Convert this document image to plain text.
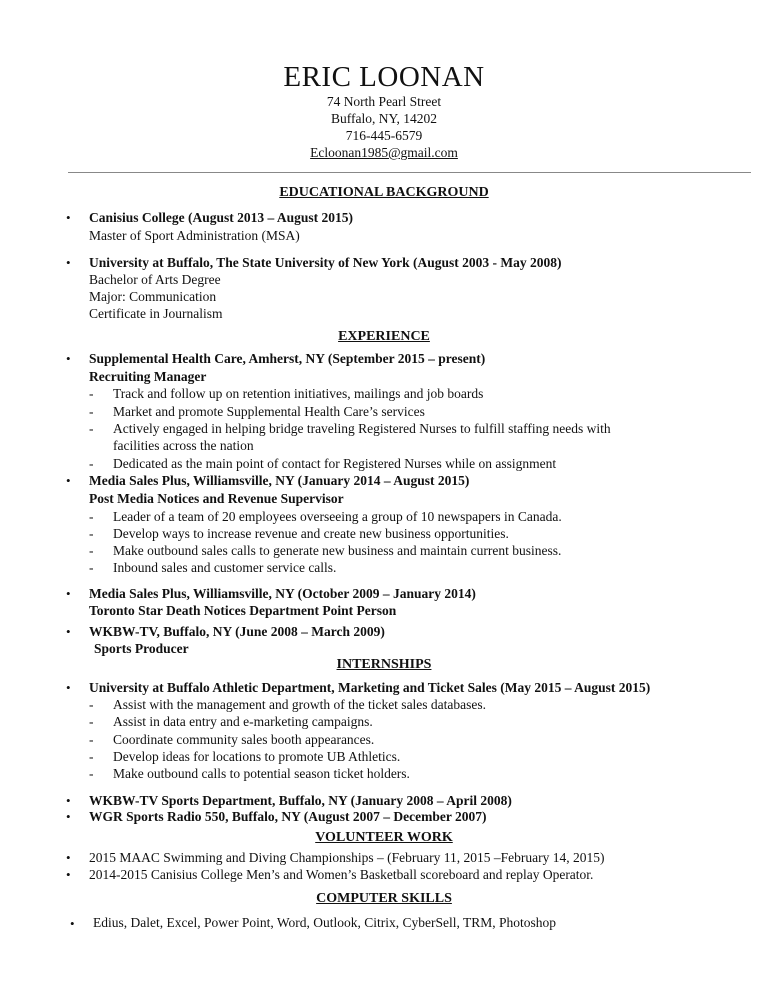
ERIC LOONAN
74 North Pearl Street
Buffalo, NY, 14202
716-445-6579
Ecloonan1985@gmail.com
EDUCATIONAL BACKGROUND
• Canisius College (August 2013 – August 2015)
Master of Sport Administration (MSA)
• University at Buffalo, The State University of New York (August 2003 - May 2008)
Bachelor of Arts Degree
Major: Communication
Certificate in Journalism
EXPERIENCE
• Supplemental Health Care, Amherst, NY (September 2015 – present)
Recruiting Manager
- Track and follow up on retention initiatives, mailings and job boards
- Market and promote Supplemental Health Care’s services
- Actively engaged in helping bridge traveling Registered Nurses to fulfill staffing needs with
facilities across the nation
- Dedicated as the main point of contact for Registered Nurses while on assignment
• Media Sales Plus, Williamsville, NY (January 2014 – August 2015)
Post Media Notices and Revenue Supervisor
- Leader of a team of 20 employees overseeing a group of 10 newspapers in Canada.
- Develop ways to increase revenue and create new business opportunities.
- Make outbound sales calls to generate new business and maintain current business.
- Inbound sales and customer service calls.
• Media Sales Plus, Williamsville, NY (October 2009 – January 2014)
Toronto Star Death Notices Department Point Person
• WKBW-TV, Buffalo, NY (June 2008 – March 2009)
Sports Producer
INTERNSHIPS
• University at Buffalo Athletic Department, Marketing and Ticket Sales (May 2015 – August 2015)
- Assist with the management and growth of the ticket sales databases.
- Assist in data entry and e-marketing campaigns.
- Coordinate community sales booth appearances.
- Develop ideas for locations to promote UB Athletics.
- Make outbound calls to potential season ticket holders.
• WKBW-TV Sports Department, Buffalo, NY (January 2008 – April 2008)
• WGR Sports Radio 550, Buffalo, NY (August 2007 – December 2007)
VOLUNTEER WORK
• 2015 MAAC Swimming and Diving Championships – (February 11, 2015 –February 14, 2015)
• 2014-2015 Canisius College Men’s and Women’s Basketball scoreboard and replay Operator.
COMPUTER SKILLS
• Edius, Dalet, Excel, Power Point, Word, Outlook, Citrix, CyberSell, TRM, Photoshop
